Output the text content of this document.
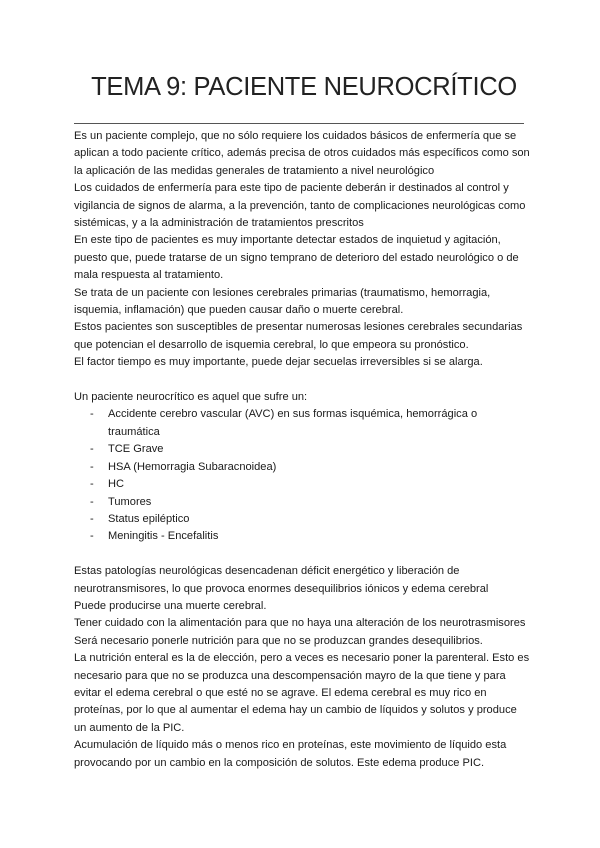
TEMA 9: PACIENTE NEUROCRÍTICO

Es un paciente complejo, que no sólo requiere los cuidados básicos de enfermería que se aplican a todo paciente crítico, además precisa de otros cuidados más específicos como son la aplicación de las medidas generales de tratamiento a nivel neurológico

Los cuidados de enfermería para este tipo de paciente deberán ir destinados al control y vigilancia de signos de alarma, a la prevención, tanto de complicaciones neurológicas como sistémicas, y a la administración de tratamientos prescritos

En este tipo de pacientes es muy importante detectar estados de inquietud y agitación, puesto que, puede tratarse de un signo temprano de deterioro del estado neurológico o de mala respuesta al tratamiento.

Se trata de un paciente con lesiones cerebrales primarias (traumatismo, hemorragia, isquemia, inflamación) que pueden causar daño o muerte cerebral.

Estos pacientes son susceptibles de presentar numerosas lesiones cerebrales secundarias que potencian el desarrollo de isquemia cerebral, lo que empeora su pronóstico.

El factor tiempo es muy importante, puede dejar secuelas irreversibles si se alarga.

Un paciente neurocrítico es aquel que sufre un:

- Accidente cerebro vascular (AVC) en sus formas isquémica, hemorrágica o traumática
- TCE Grave
- HSA (Hemorragia Subaracnoidea)
- HC
- Tumores
- Status epiléptico
- Meningitis - Encefalitis

Estas patologías neurológicas desencadenan déficit energético y liberación de neurotransmisores, lo que provoca enormes desequilibrios iónicos y edema cerebral

Puede producirse una muerte cerebral.

Tener cuidado con la alimentación para que no haya una alteración de los neurotrasmisores

Será necesario ponerle nutrición para que no se produzcan grandes desequilibrios.

La nutrición enteral es la de elección, pero a veces es necesario poner la parenteral. Esto es necesario para que no se produzca una descompensación mayro de la que tiene y para evitar el edema cerebral o que esté no se agrave. El edema cerebral es muy rico en proteínas, por lo que al aumentar el edema hay un cambio de líquidos y solutos y produce un aumento de la PIC.

Acumulación de líquido más o menos rico en proteínas, este movimiento de líquido esta provocando por un cambio en la composición de solutos. Este edema produce PIC.
